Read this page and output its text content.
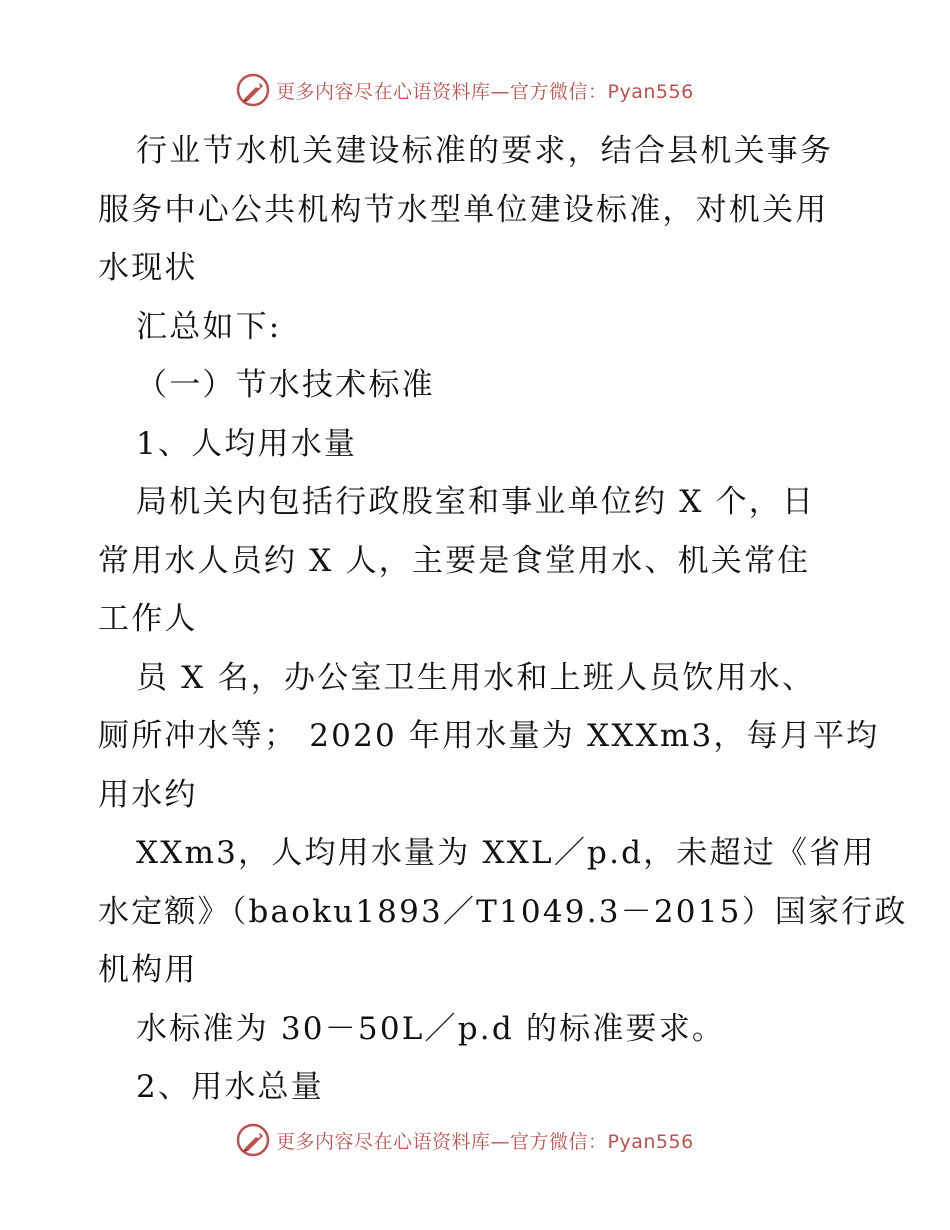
更多内容尽在心语资料库—官方微信：Pyan556

行业节水机关建设标准的要求，结合县机关事务

服务中心公共机构节水型单位建设标准，对机关用

水现状

汇总如下:

（一）节水技术标准

1、人均用水量

局机关内包括行政股室和事业单位约 X 个，日

常用水人员约 X 人，主要是食堂用水、机关常住

工作人

员 X 名，办公室卫生用水和上班人员饮用水、

厕所冲水等； 2020 年用水量为 XXXm3，每月平均

用水约

XXm3，人均用水量为 XXL／p.d，未超过《省用

水定额》（baoku1893／T1049.3－2015）国家行政

机构用

水标准为 30－50L／p.d 的标准要求。

2、用水总量

更多内容尽在心语资料库—官方微信：Pyan556
